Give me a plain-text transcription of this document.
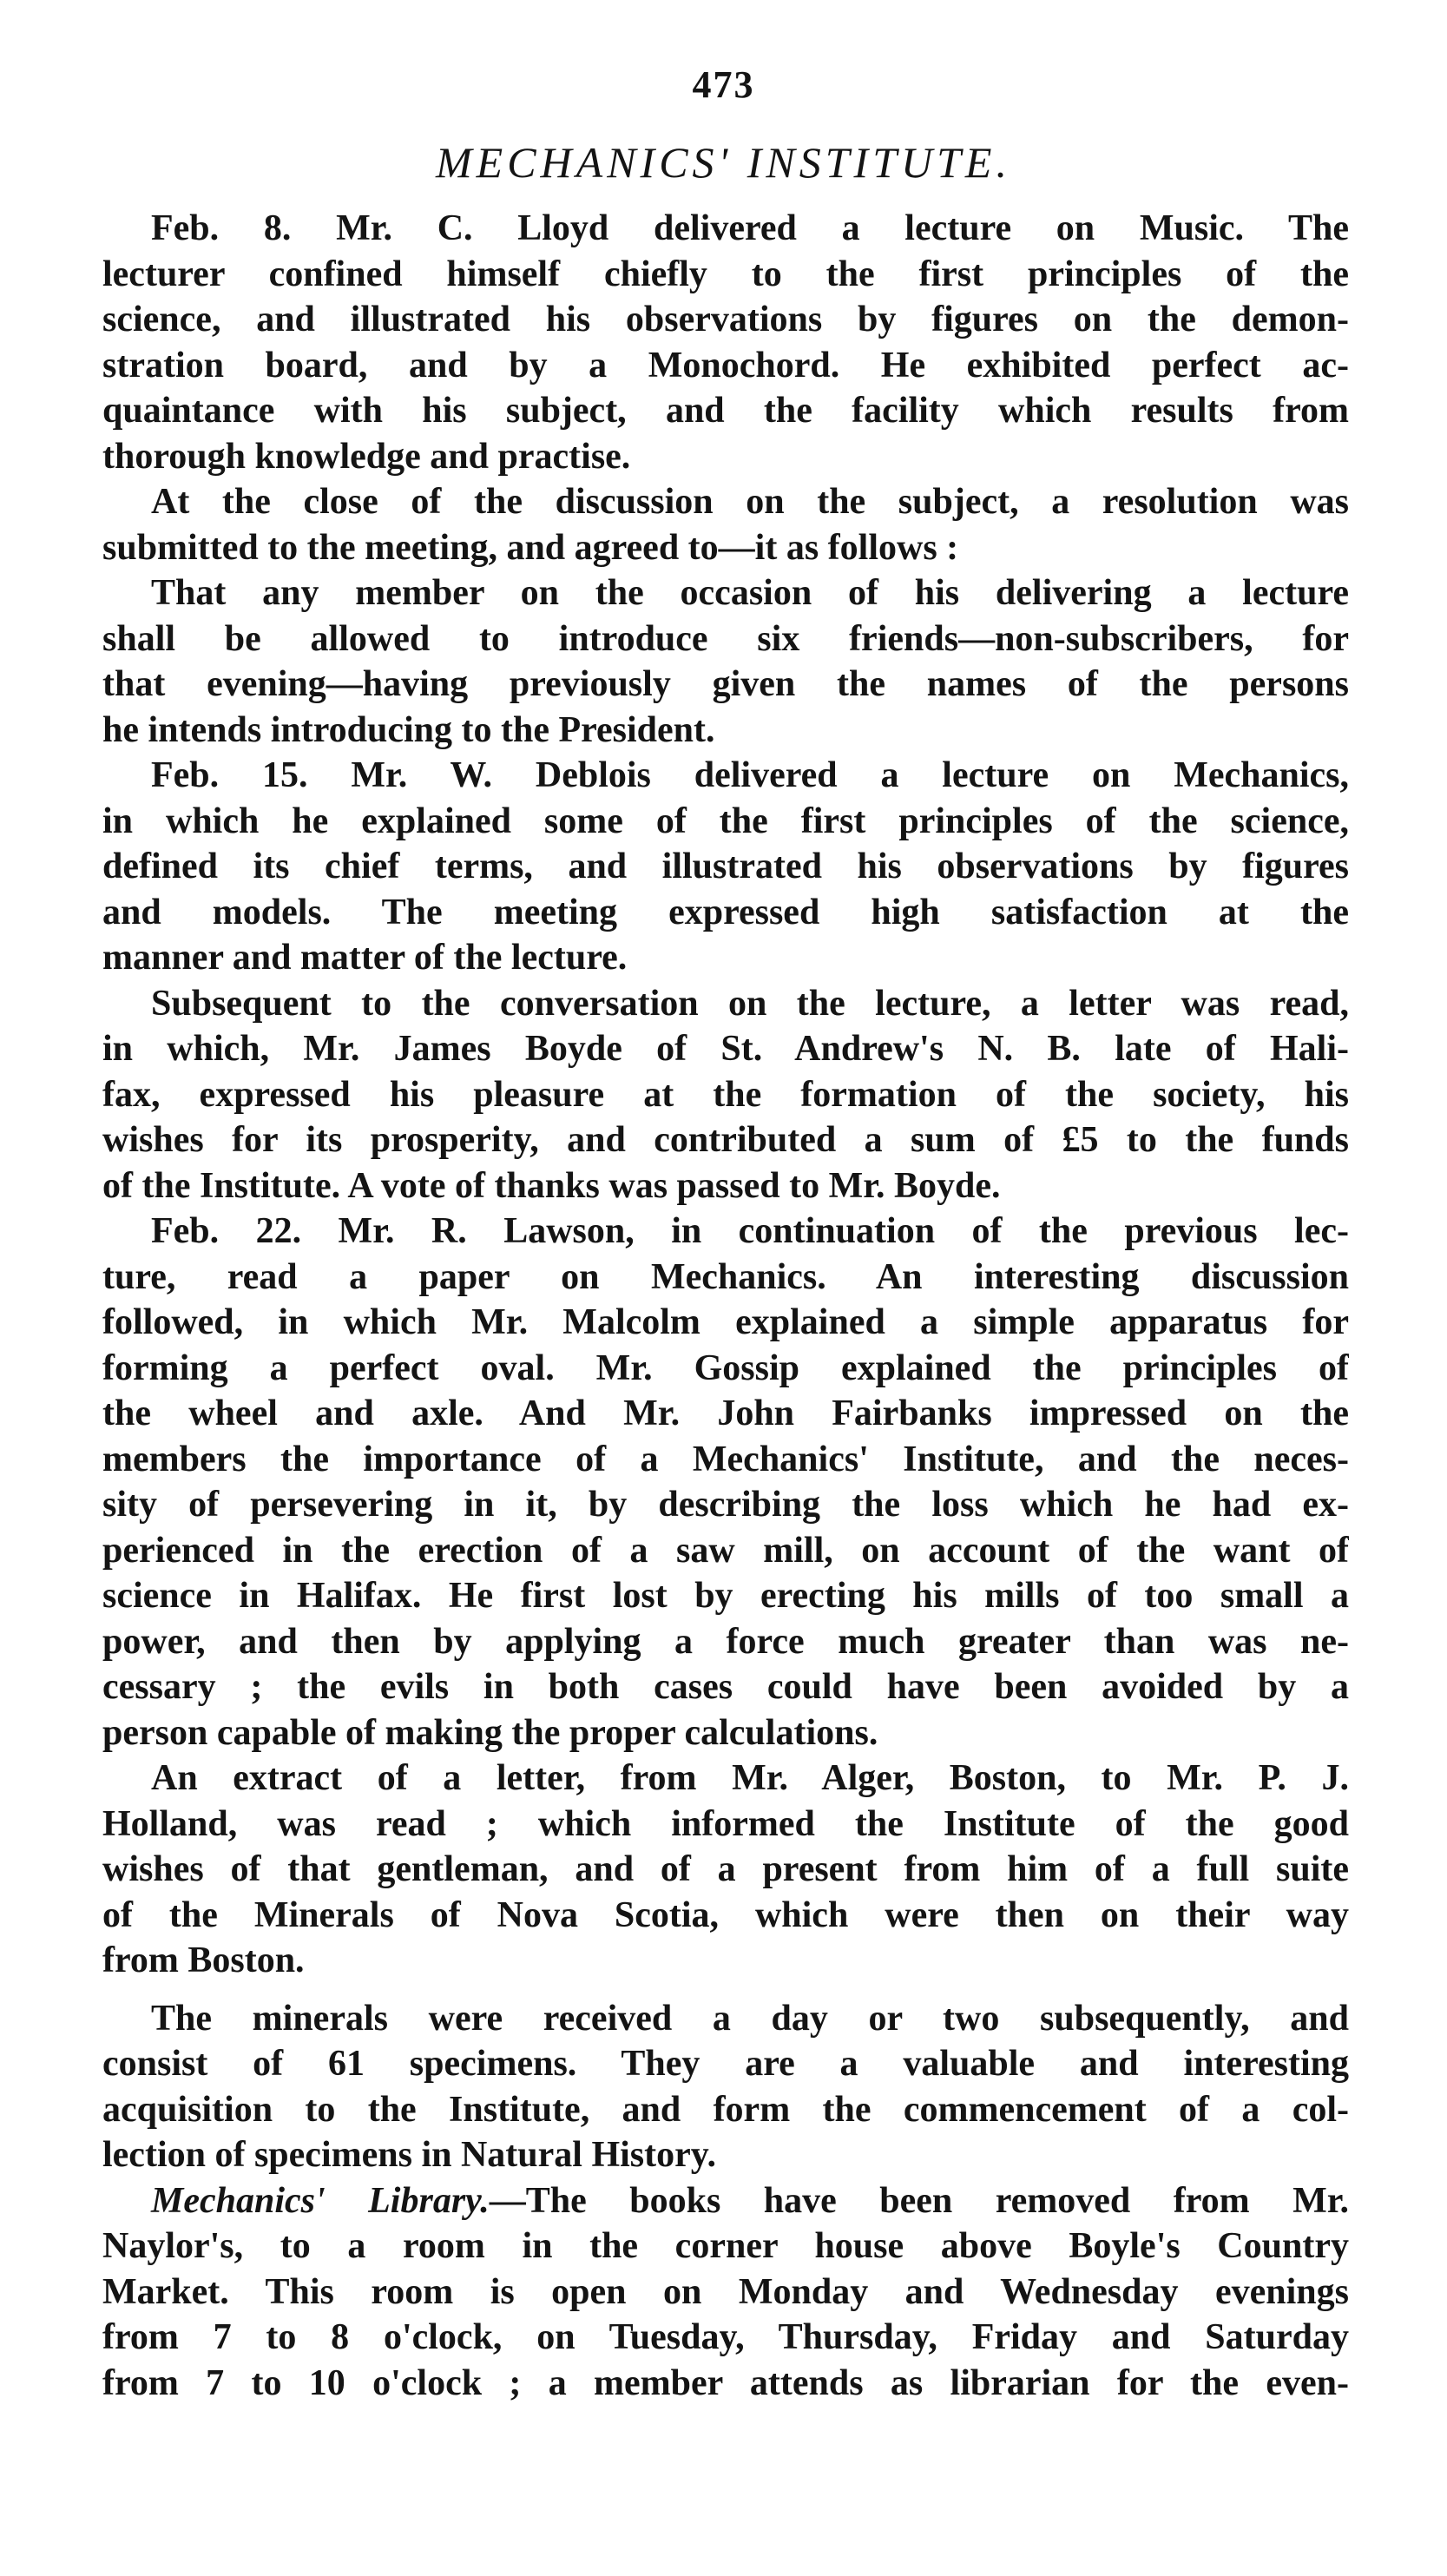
473
MECHANICS' INSTITUTE.
Feb. 8. Mr. C. Lloyd delivered a lecture on Music. The
lecturer confined himself chiefly to the first principles of the
science, and illustrated his observations by figures on the demon-
stration board, and by a Monochord. He exhibited perfect ac-
quaintance with his subject, and the facility which results from
thorough knowledge and practise.
At the close of the discussion on the subject, a resolution was
submitted to the meeting, and agreed to—it as follows :
That any member on the occasion of his delivering a lecture
shall be allowed to introduce six friends—non-subscribers, for
that evening—having previously given the names of the persons
he intends introducing to the President.
Feb. 15. Mr. W. Deblois delivered a lecture on Mechanics,
in which he explained some of the first principles of the science,
defined its chief terms, and illustrated his observations by figures
and models. The meeting expressed high satisfaction at the
manner and matter of the lecture.
Subsequent to the conversation on the lecture, a letter was read,
in which, Mr. James Boyde of St. Andrew's N. B. late of Hali-
fax, expressed his pleasure at the formation of the society, his
wishes for its prosperity, and contributed a sum of £5 to the funds
of the Institute. A vote of thanks was passed to Mr. Boyde.
Feb. 22. Mr. R. Lawson, in continuation of the previous lec-
ture, read a paper on Mechanics. An interesting discussion
followed, in which Mr. Malcolm explained a simple apparatus for
forming a perfect oval. Mr. Gossip explained the principles of
the wheel and axle. And Mr. John Fairbanks impressed on the
members the importance of a Mechanics' Institute, and the neces-
sity of persevering in it, by describing the loss which he had ex-
perienced in the erection of a saw mill, on account of the want of
science in Halifax. He first lost by erecting his mills of too small a
power, and then by applying a force much greater than was ne-
cessary ; the evils in both cases could have been avoided by a
person capable of making the proper calculations.
An extract of a letter, from Mr. Alger, Boston, to Mr. P. J.
Holland, was read ; which informed the Institute of the good
wishes of that gentleman, and of a present from him of a full suite
of the Minerals of Nova Scotia, which were then on their way
from Boston.
The minerals were received a day or two subsequently, and
consist of 61 specimens. They are a valuable and interesting
acquisition to the Institute, and form the commencement of a col-
lection of specimens in Natural History.
Mechanics' Library.—The books have been removed from Mr.
Naylor's, to a room in the corner house above Boyle's Country
Market. This room is open on Monday and Wednesday evenings
from 7 to 8 o'clock, on Tuesday, Thursday, Friday and Saturday
from 7 to 10 o'clock ; a member attends as librarian for the even-
